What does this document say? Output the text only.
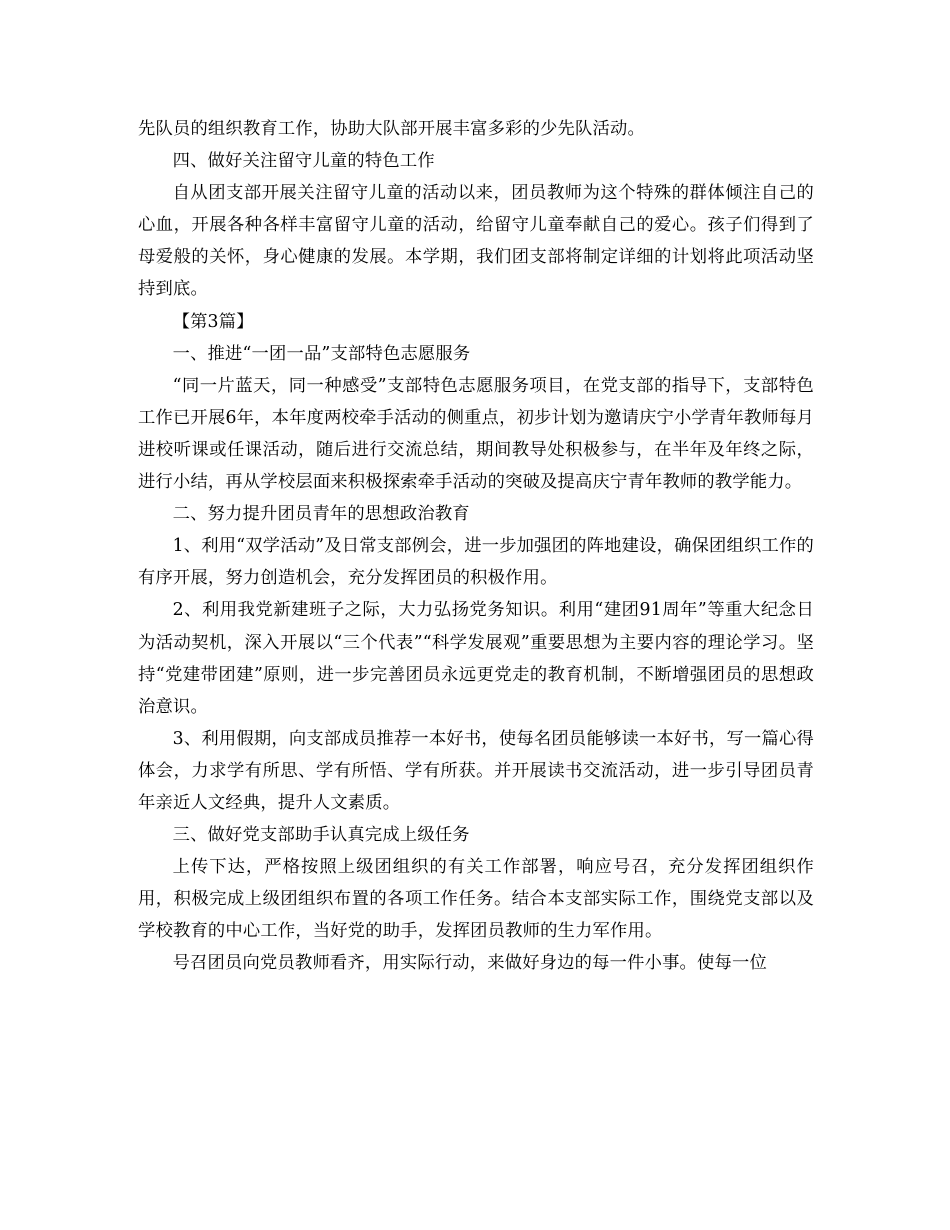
先队员的组织教育工作，协助大队部开展丰富多彩的少先队活动。

四、做好关注留守儿童的特色工作

自从团支部开展关注留守儿童的活动以来，团员教师为这个特殊的群体倾注自己的心血，开展各种各样丰富留守儿童的活动，给留守儿童奉献自己的爱心。孩子们得到了母爱般的关怀，身心健康的发展。本学期，我们团支部将制定详细的计划将此项活动坚持到底。

【第3篇】

一、推进“一团一品”支部特色志愿服务

“同一片蓝天，同一种感受”支部特色志愿服务项目，在党支部的指导下，支部特色工作已开展6年，本年度两校牵手活动的侧重点，初步计划为邀请庆宁小学青年教师每月进校听课或任课活动，随后进行交流总结，期间教导处积极参与，在半年及年终之际，进行小结，再从学校层面来积极探索牵手活动的突破及提高庆宁青年教师的教学能力。

二、努力提升团员青年的思想政治教育

1、利用“双学活动”及日常支部例会，进一步加强团的阵地建设，确保团组织工作的有序开展，努力创造机会，充分发挥团员的积极作用。

2、利用我党新建班子之际，大力弘扬党务知识。利用“建团91周年”等重大纪念日为活动契机，深入开展以“三个代表”“科学发展观”重要思想为主要内容的理论学习。坚持“党建带团建”原则，进一步完善团员永远更党走的教育机制，不断增强团员的思想政治意识。

3、利用假期，向支部成员推荐一本好书，使每名团员能够读一本好书，写一篇心得体会，力求学有所思、学有所悟、学有所获。并开展读书交流活动，进一步引导团员青年亲近人文经典，提升人文素质。

三、做好党支部助手认真完成上级任务

上传下达，严格按照上级团组织的有关工作部署，响应号召，充分发挥团组织作用，积极完成上级团组织布置的各项工作任务。结合本支部实际工作，围绕党支部以及学校教育的中心工作，当好党的助手，发挥团员教师的生力军作用。

号召团员向党员教师看齐，用实际行动，来做好身边的每一件小事。使每一位
